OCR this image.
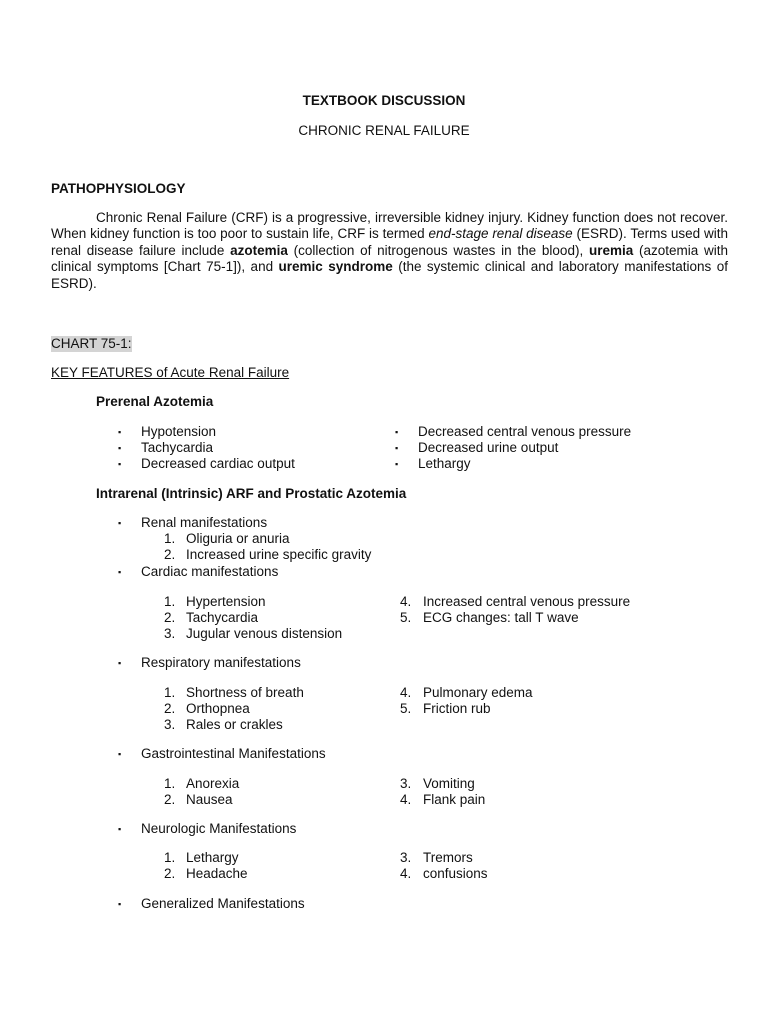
TEXTBOOK DISCUSSION
CHRONIC RENAL FAILURE
PATHOPHYSIOLOGY
Chronic Renal Failure (CRF) is a progressive, irreversible kidney injury. Kidney function does not recover. When kidney function is too poor to sustain life, CRF is termed end-stage renal disease (ESRD). Terms used with renal disease failure include azotemia (collection of nitrogenous wastes in the blood), uremia (azotemia with clinical symptoms [Chart 75-1]), and uremic syndrome (the systemic clinical and laboratory manifestations of ESRD).
CHART 75-1:
KEY FEATURES of Acute Renal Failure
Prerenal Azotemia
▪
Hypotension
▪
Tachycardia
▪
Decreased cardiac output
▪
Decreased central venous pressure
▪
Decreased urine output
▪
Lethargy
Intrarenal (Intrinsic) ARF and Prostatic Azotemia
▪
Renal manifestations
1. Oliguria or anuria
2. Increased urine specific gravity
▪
Cardiac manifestations
1. Hypertension
2. Tachycardia
3. Jugular venous distension
4. Increased central venous pressure
5. ECG changes: tall T wave
▪
Respiratory manifestations
1. Shortness of breath
2. Orthopnea
3. Rales or crakles
4. Pulmonary edema
5. Friction rub
▪
Gastrointestinal Manifestations
1. Anorexia
2. Nausea
3. Vomiting
4. Flank pain
▪
Neurologic Manifestations
1. Lethargy
2. Headache
3. Tremors
4. confusions
▪
Generalized Manifestations
